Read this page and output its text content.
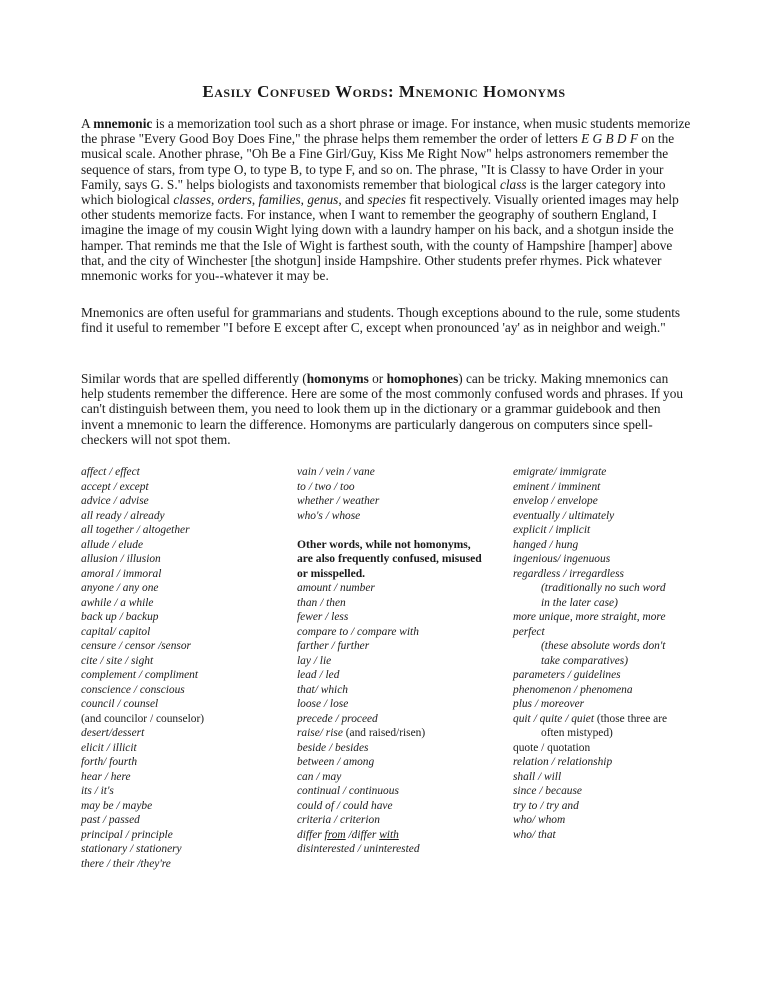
Easily Confused Words: Mnemonic Homonyms
A mnemonic is a memorization tool such as a short phrase or image. For instance, when music students memorize the phrase "Every Good Boy Does Fine," the phrase helps them remember the order of letters E G B D F on the musical scale. Another phrase, "Oh Be a Fine Girl/Guy, Kiss Me Right Now" helps astronomers remember the sequence of stars, from type O, to type B, to type F, and so on. The phrase, "It is Classy to have Order in your Family, says G. S." helps biologists and taxonomists remember that biological class is the larger category into which biological classes, orders, families, genus, and species fit respectively. Visually oriented images may help other students memorize facts. For instance, when I want to remember the geography of southern England, I imagine the image of my cousin Wight lying down with a laundry hamper on his back, and a shotgun inside the hamper. That reminds me that the Isle of Wight is farthest south, with the county of Hampshire [hamper] above that, and the city of Winchester [the shotgun] inside Hampshire. Other students prefer rhymes. Pick whatever mnemonic works for you--whatever it may be.
Mnemonics are often useful for grammarians and students. Though exceptions abound to the rule, some students find it useful to remember "I before E except after C, except when pronounced 'ay' as in neighbor and weigh."
Similar words that are spelled differently (homonyms or homophones) can be tricky. Making mnemonics can help students remember the difference. Here are some of the most commonly confused words and phrases. If you can't distinguish between them, you need to look them up in the dictionary or a grammar guidebook and then invent a mnemonic to learn the difference. Homonyms are particularly dangerous on computers since spell-checkers will not spot them.
affect / effect
accept / except
advice / advise
all ready / already
all together / altogether
allude / elude
allusion / illusion
amoral / immoral
anyone / any one
awhile / a while
back up / backup
capital/ capitol
censure / censor /sensor
cite / site / sight
complement / compliment
conscience / conscious
council / counsel
(and councilor / counselor)
desert/dessert
elicit / illicit
forth/ fourth
hear / here
its / it's
may be / maybe
past / passed
principal / principle
stationary / stationery
there / their /they're
vain / vein / vane
to / two / too
whether / weather
who's / whose
Other words, while not homonyms, are also frequently confused, misused or misspelled.
amount / number
than / then
fewer / less
compare to / compare with
farther / further
lay / lie
lead / led
that/ which
loose / lose
precede / proceed
raise/ rise (and raised/risen)
beside / besides
between / among
can / may
continual / continuous
could of / could have
criteria / criterion
differ from /differ with
disinterested / uninterested
emigrate/ immigrate
eminent / imminent
envelop / envelope
eventually / ultimately
explicit / implicit
hanged / hung
ingenious/ ingenuous
regardless / irregardless
(traditionally no such word
in the later case)
more unique, more straight, more
perfect
(these absolute words don't
take comparatives)
parameters / guidelines
phenomenon / phenomena
plus / moreover
quit / quite / quiet (those three are
often mistyped)
quote / quotation
relation / relationship
shall / will
since / because
try to / try and
who/ whom
who/ that
